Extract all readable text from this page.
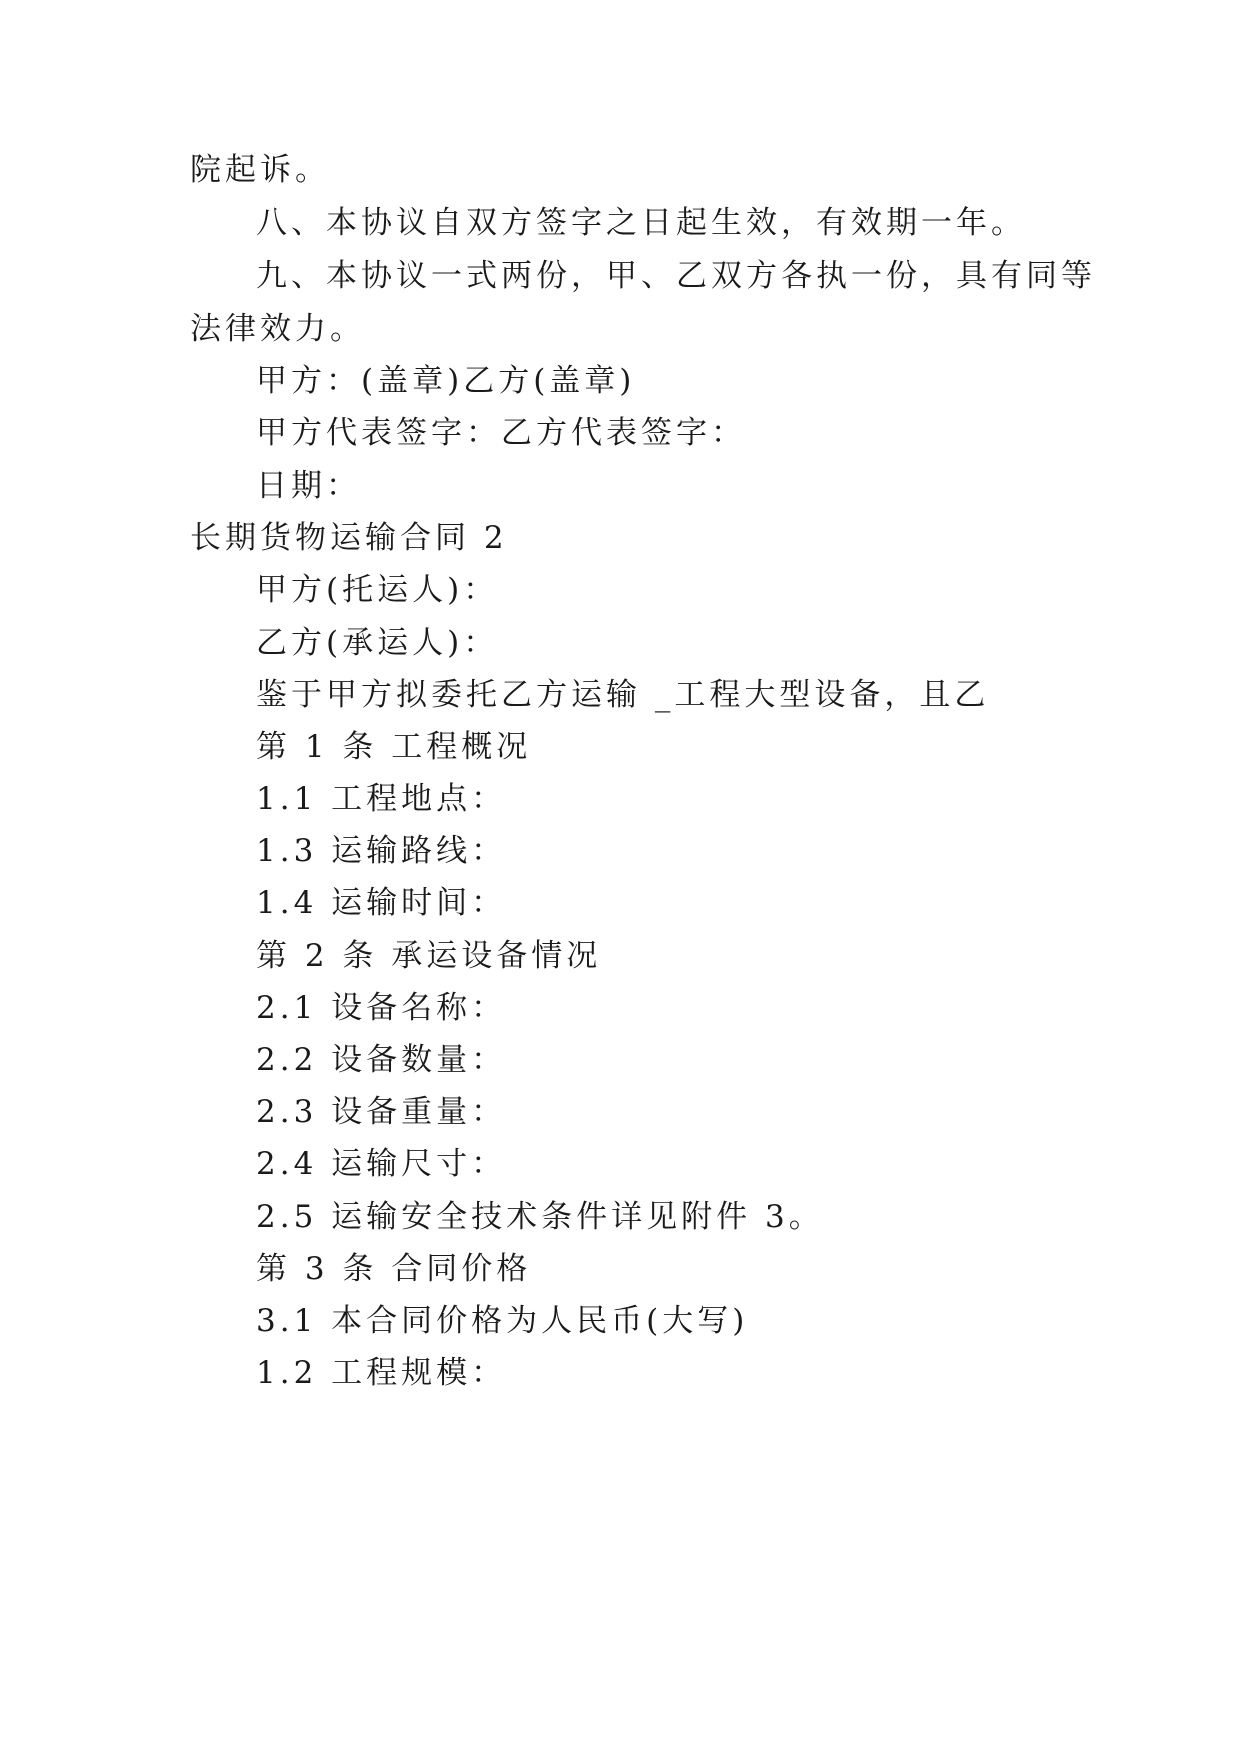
院起诉。
八、本协议自双方签字之日起生效，有效期一年。
九、本协议一式两份，甲、乙双方各执一份，具有同等
法律效力。
甲方：(盖章)乙方(盖章)
甲方代表签字：乙方代表签字：
日期：
长期货物运输合同 2
甲方(托运人)：
乙方(承运人)：
鉴于甲方拟委托乙方运输 _工程大型设备，且乙
第 1 条 工程概况
1.1 工程地点：
1.3 运输路线：
1.4 运输时间：
第 2 条 承运设备情况
2.1 设备名称：
2.2 设备数量：
2.3 设备重量：
2.4 运输尺寸：
2.5 运输安全技术条件详见附件 3。
第 3 条 合同价格
3.1 本合同价格为人民币(大写)
1.2 工程规模：
